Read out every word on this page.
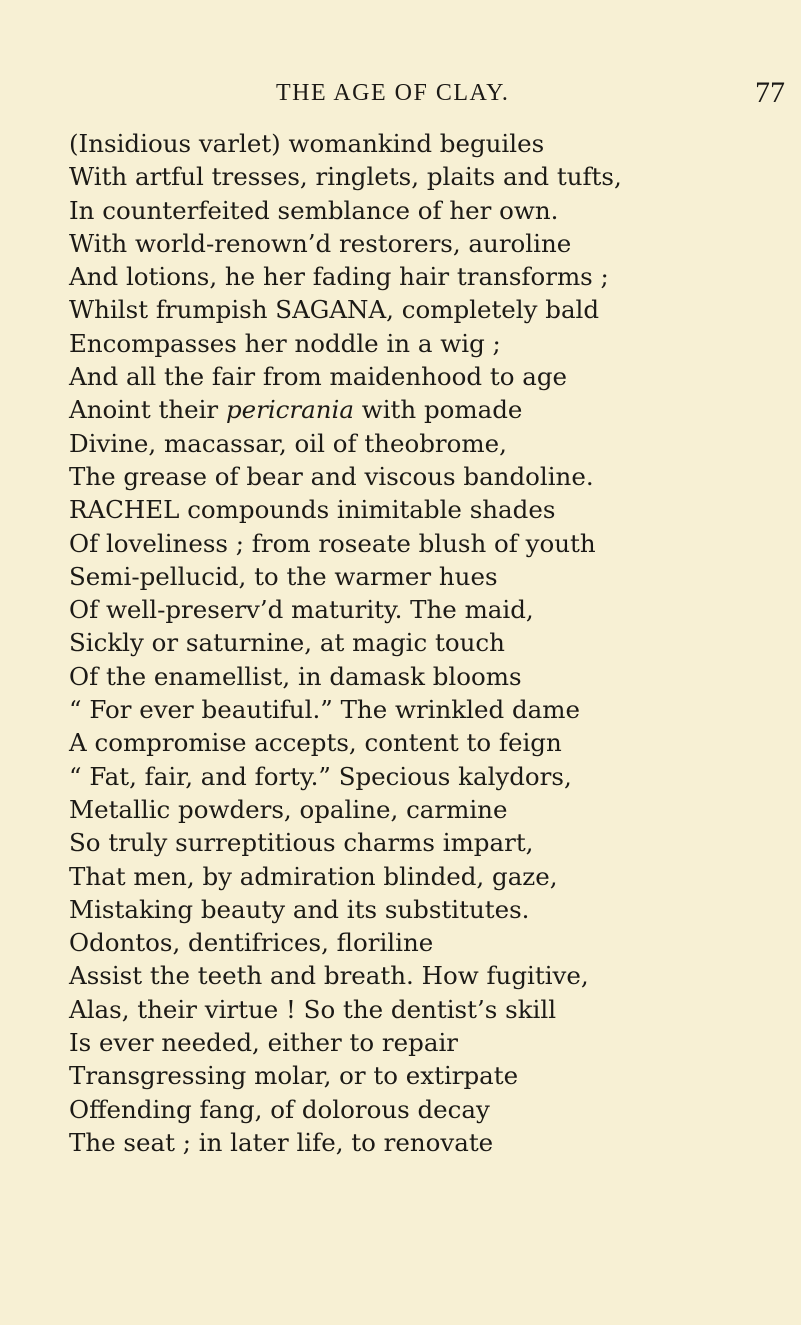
THE AGE OF CLAY.	77
(Insidious varlet) womankind beguiles
With artful tresses, ringlets, plaits and tufts,
In counterfeited semblance of her own.
With world-renown’d restorers, auroline
And lotions, he her fading hair transforms ;
Whilst frumpish SAGANA, completely bald
Encompasses her noddle in a wig ;
And all the fair from maidenhood to age
Anoint their pericrania with pomade
Divine, macassar, oil of theobrome,
The grease of bear and viscous bandoline.
RACHEL compounds inimitable shades
Of loveliness ; from roseate blush of youth
Semi-pellucid, to the warmer hues
Of well-preserv’d maturity. The maid,
Sickly or saturnine, at magic touch
Of the enamellist, in damask blooms
“ For ever beautiful.” The wrinkled dame
A compromise accepts, content to feign
“ Fat, fair, and forty.” Specious kalydors,
Metallic powders, opaline, carmine
So truly surreptitious charms impart,
That men, by admiration blinded, gaze,
Mistaking beauty and its substitutes.
Odontos, dentifrices, floriline
Assist the teeth and breath. How fugitive,
Alas, their virtue ! So the dentist’s skill
Is ever needed, either to repair
Transgressing molar, or to extirpate
Offending fang, of dolorous decay
The seat ; in later life, to renovate
